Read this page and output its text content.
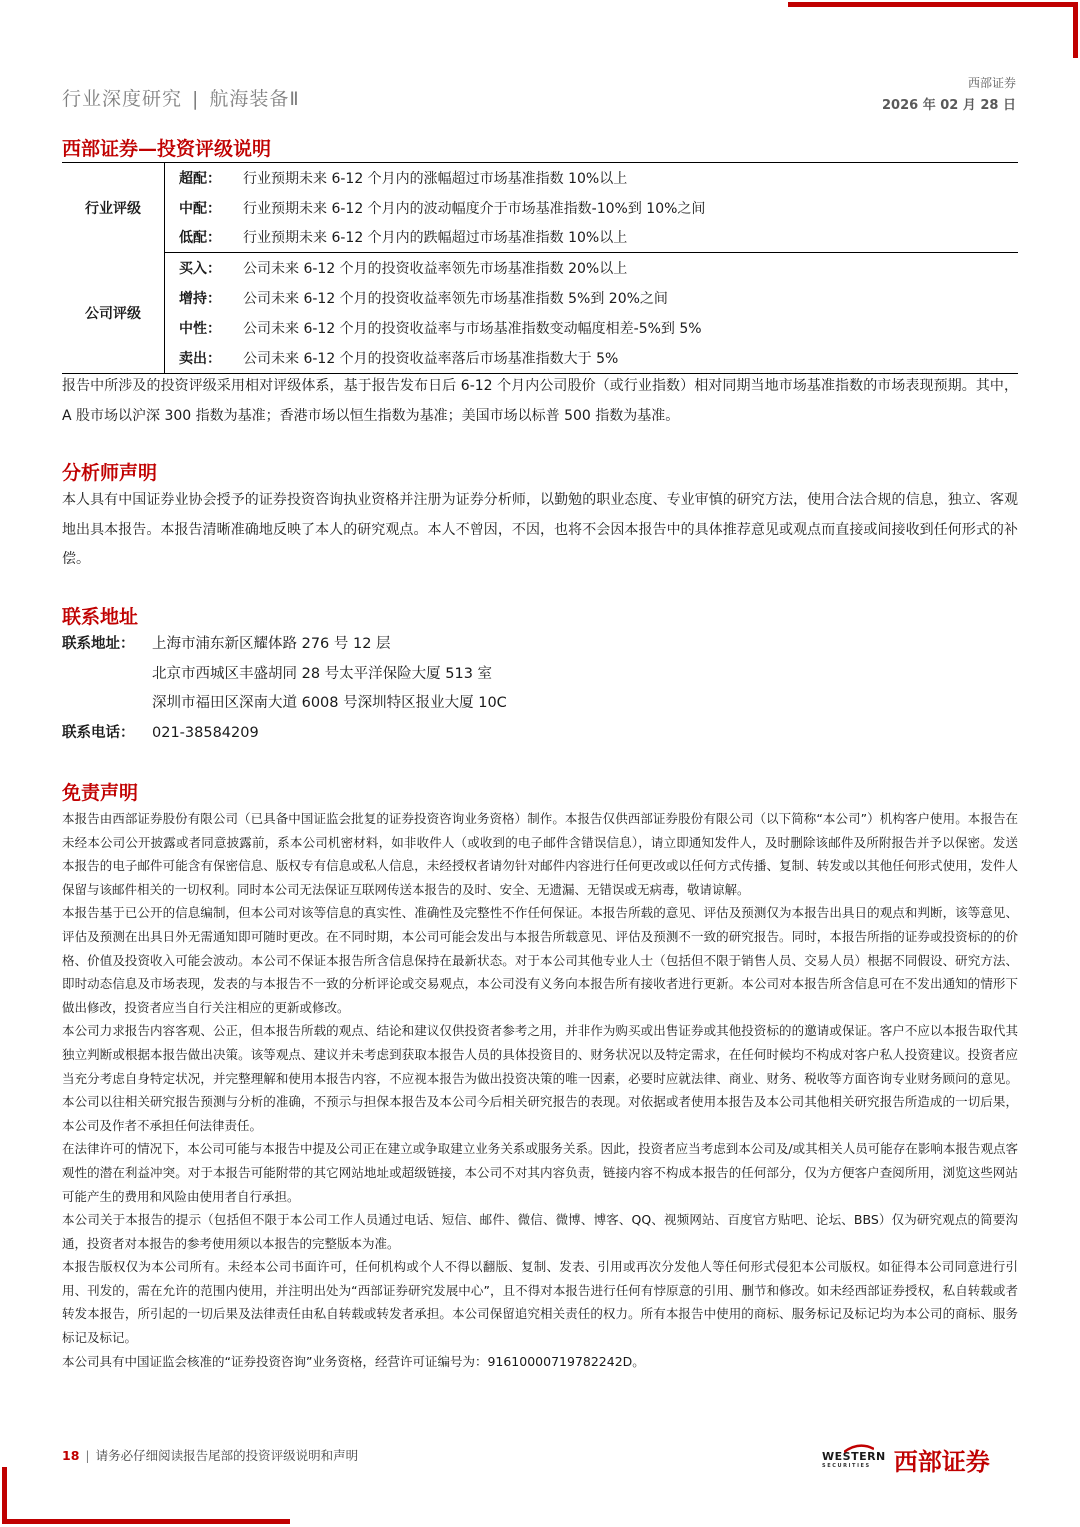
行业深度研究 | 航海装备Ⅱ
西部证券
2026 年 02 月 28 日
西部证券—投资评级说明
行业评级	超配：	行业预期未来 6-12 个月内的涨幅超过市场基准指数 10%以上
	中配：	行业预期未来 6-12 个月内的波动幅度介于市场基准指数-10%到 10%之间
	低配：	行业预期未来 6-12 个月内的跌幅超过市场基准指数 10%以上
公司评级	买入：	公司未来 6-12 个月的投资收益率领先市场基准指数 20%以上
	增持：	公司未来 6-12 个月的投资收益率领先市场基准指数 5%到 20%之间
	中性：	公司未来 6-12 个月的投资收益率与市场基准指数变动幅度相差-5%到 5%
	卖出：	公司未来 6-12 个月的投资收益率落后市场基准指数大于 5%
报告中所涉及的投资评级采用相对评级体系，基于报告发布日后 6-12 个月内公司股价（或行业指数）相对同期当地市场基准指数的市场表现预期。其中，A 股市场以沪深 300 指数为基准；香港市场以恒生指数为基准；美国市场以标普 500 指数为基准。
分析师声明
本人具有中国证券业协会授予的证券投资咨询执业资格并注册为证券分析师，以勤勉的职业态度、专业审慎的研究方法，使用合法合规的信息，独立、客观地出具本报告。本报告清晰准确地反映了本人的研究观点。本人不曾因，不因，也将不会因本报告中的具体推荐意见或观点而直接或间接收到任何形式的补偿。
联系地址
联系地址：	上海市浦东新区耀体路 276 号 12 层
北京市西城区丰盛胡同 28 号太平洋保险大厦 513 室
深圳市福田区深南大道 6008 号深圳特区报业大厦 10C
联系电话：	021-38584209
免责声明

本报告由西部证券股份有限公司（已具备中国证监会批复的证券投资咨询业务资格）制作。本报告仅供西部证券股份有限公司（以下简称“本公司”）机构客户使用。本报告在未经本公司公开披露或者同意披露前，系本公司机密材料，如非收件人（或收到的电子邮件含错误信息），请立即通知发件人，及时删除该邮件及所附报告并予以保密。发送本报告的电子邮件可能含有保密信息、版权专有信息或私人信息，未经授权者请勿针对邮件内容进行任何更改或以任何方式传播、复制、转发或以其他任何形式使用，发件人保留与该邮件相关的一切权利。同时本公司无法保证互联网传送本报告的及时、安全、无遗漏、无错误或无病毒，敬请谅解。

本报告基于已公开的信息编制，但本公司对该等信息的真实性、准确性及完整性不作任何保证。本报告所载的意见、评估及预测仅为本报告出具日的观点和判断，该等意见、评估及预测在出具日外无需通知即可随时更改。在不同时期，本公司可能会发出与本报告所载意见、评估及预测不一致的研究报告。同时，本报告所指的证券或投资标的的价格、价值及投资收入可能会波动。本公司不保证本报告所含信息保持在最新状态。对于本公司其他专业人士（包括但不限于销售人员、交易人员）根据不同假设、研究方法、即时动态信息及市场表现，发表的与本报告不一致的分析评论或交易观点，本公司没有义务向本报告所有接收者进行更新。本公司对本报告所含信息可在不发出通知的情形下做出修改，投资者应当自行关注相应的更新或修改。

本公司力求报告内容客观、公正，但本报告所载的观点、结论和建议仅供投资者参考之用，并非作为购买或出售证券或其他投资标的的邀请或保证。客户不应以本报告取代其独立判断或根据本报告做出决策。该等观点、建议并未考虑到获取本报告人员的具体投资目的、财务状况以及特定需求，在任何时候均不构成对客户私人投资建议。投资者应当充分考虑自身特定状况，并完整理解和使用本报告内容，不应视本报告为做出投资决策的唯一因素，必要时应就法律、商业、财务、税收等方面咨询专业财务顾问的意见。本公司以往相关研究报告预测与分析的准确，不预示与担保本报告及本公司今后相关研究报告的表现。对依据或者使用本报告及本公司其他相关研究报告所造成的一切后果，本公司及作者不承担任何法律责任。

在法律许可的情况下，本公司可能与本报告中提及公司正在建立或争取建立业务关系或服务关系。因此，投资者应当考虑到本公司及/或其相关人员可能存在影响本报告观点客观性的潜在利益冲突。对于本报告可能附带的其它网站地址或超级链接，本公司不对其内容负责，链接内容不构成本报告的任何部分，仅为方便客户查阅所用，浏览这些网站可能产生的费用和风险由使用者自行承担。

本公司关于本报告的提示（包括但不限于本公司工作人员通过电话、短信、邮件、微信、微博、博客、QQ、视频网站、百度官方贴吧、论坛、BBS）仅为研究观点的简要沟通，投资者对本报告的参考使用须以本报告的完整版本为准。

本报告版权仅为本公司所有。未经本公司书面许可，任何机构或个人不得以翻版、复制、发表、引用或再次分发他人等任何形式侵犯本公司版权。如征得本公司同意进行引用、刊发的，需在允许的范围内使用，并注明出处为“西部证券研究发展中心”，且不得对本报告进行任何有悖原意的引用、删节和修改。如未经西部证券授权，私自转载或者转发本报告，所引起的一切后果及法律责任由私自转载或转发者承担。本公司保留追究相关责任的权力。所有本报告中使用的商标、服务标记及标记均为本公司的商标、服务标记及标记。

本公司具有中国证监会核准的“证券投资咨询”业务资格，经营许可证编号为：91610000719782242D。

18 | 请务必仔细阅读报告尾部的投资评级说明和声明	WESTERN
SECURITIES 西部证券
